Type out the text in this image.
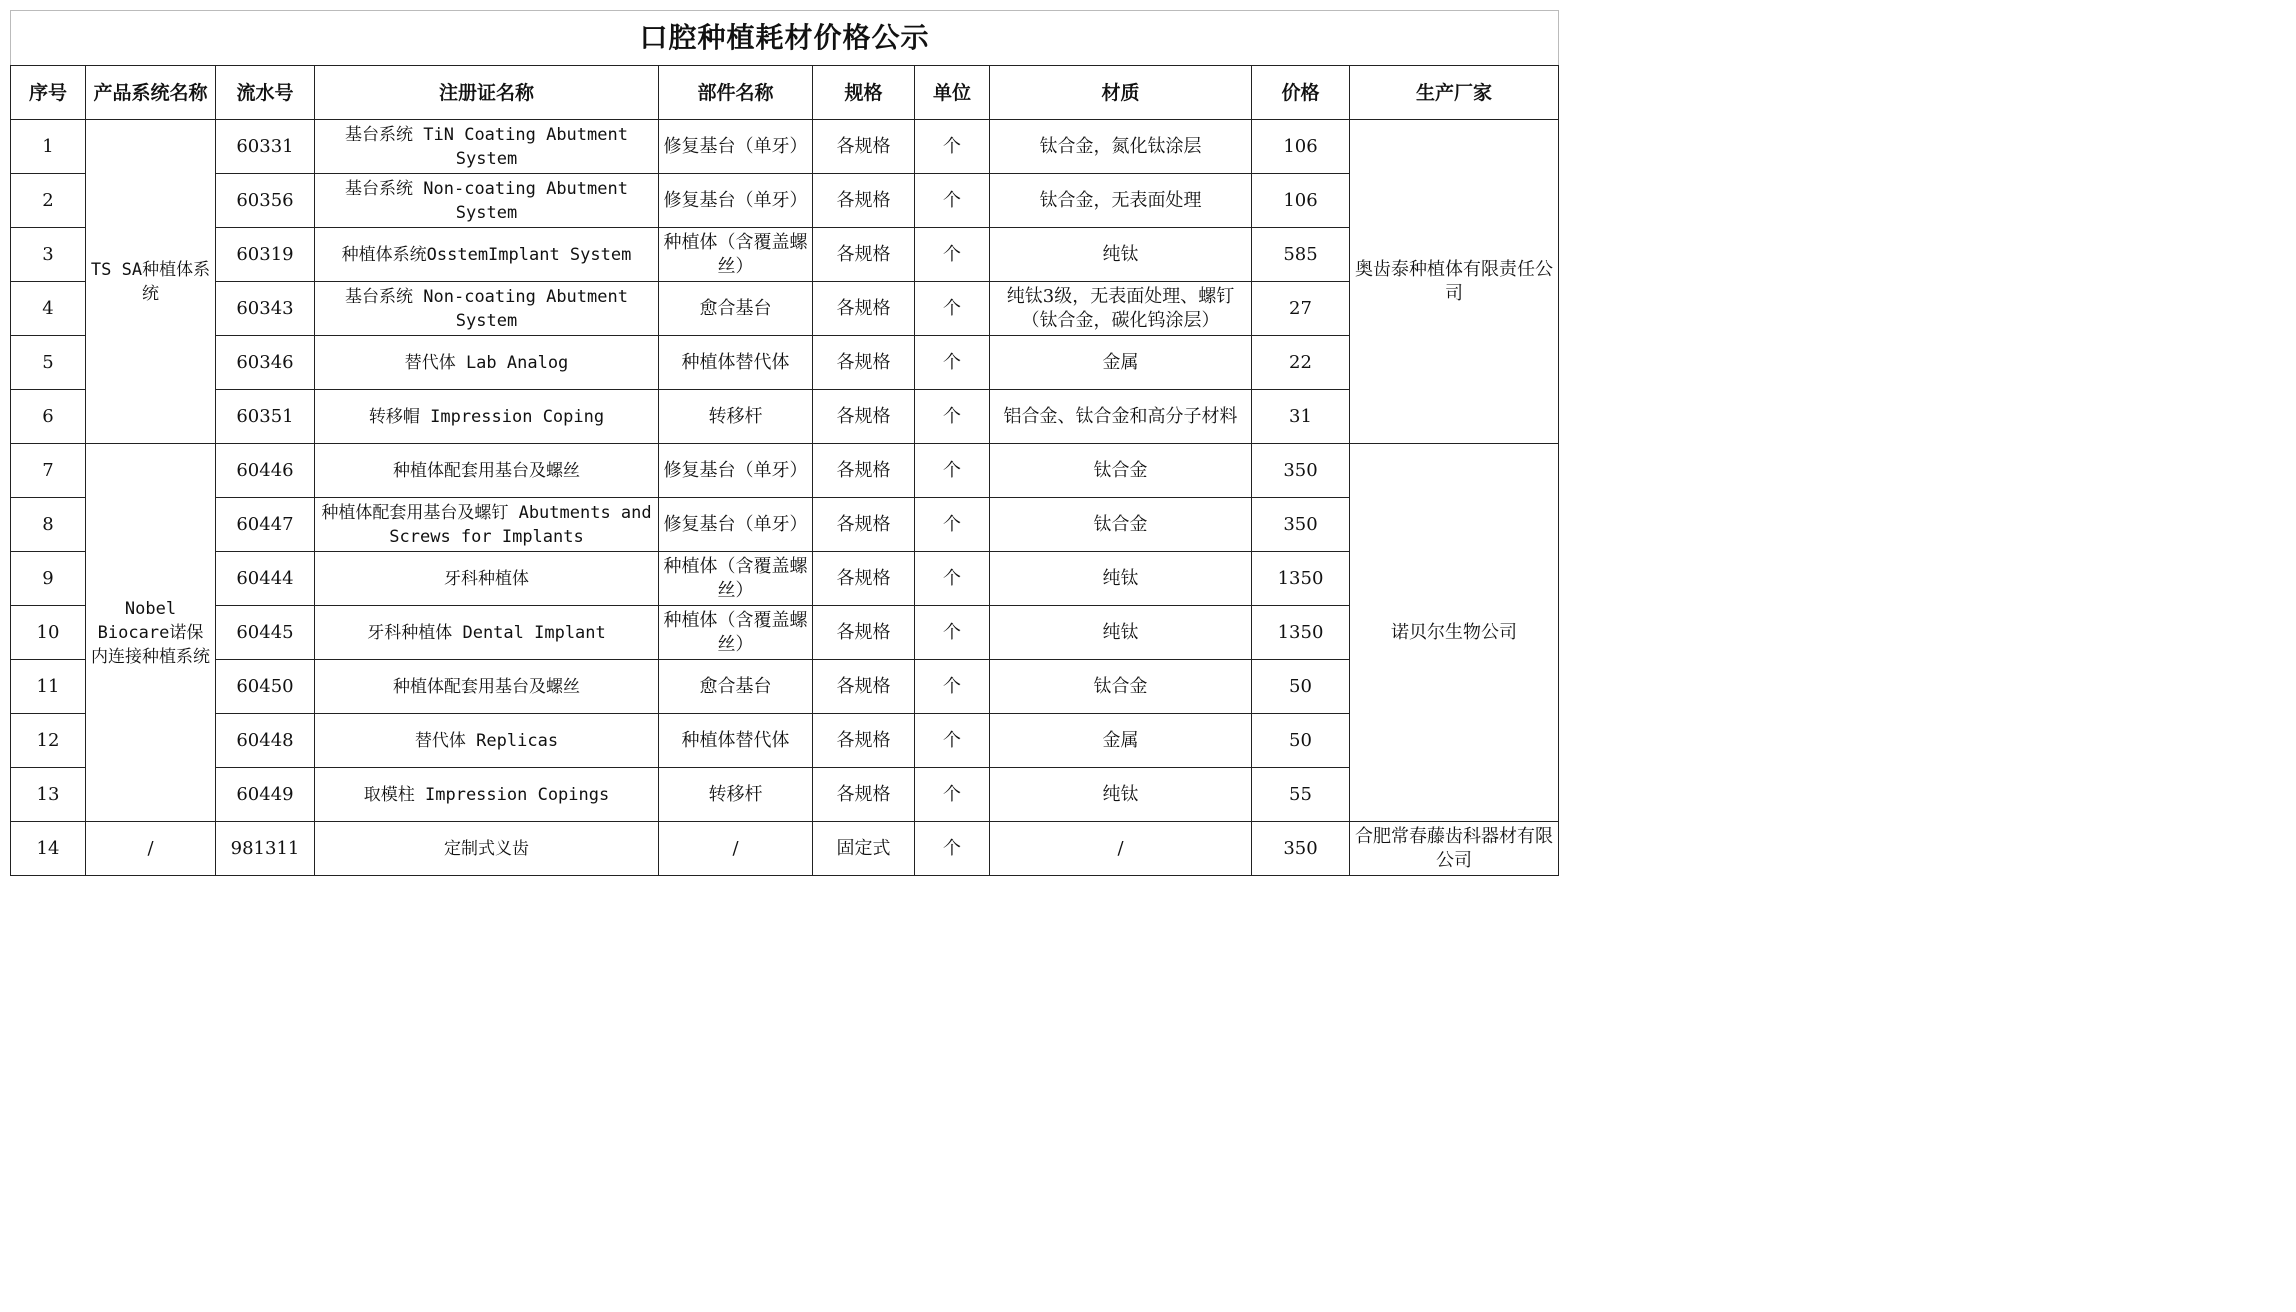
口腔种植耗材价格公示									
序号	产品系统名称	流水号	注册证名称	部件名称	规格	单位	材质	价格	生产厂家
1	TS SA种植体系统	60331	基台系统 TiN Coating Abutment System	修复基台（单牙）	各规格	个	钛合金，氮化钛涂层	106	奥齿泰种植体有限责任公司
2		60356	基台系统 Non-coating Abutment System	修复基台（单牙）	各规格	个	钛合金，无表面处理	106	
3		60319	种植体系统OsstemImplant System	种植体（含覆盖螺丝）	各规格	个	纯钛	585	
4		60343	基台系统 Non-coating Abutment System	愈合基台	各规格	个	纯钛3级，无表面处理、螺钉（钛合金，碳化钨涂层）	27	
5		60346	替代体 Lab Analog	种植体替代体	各规格	个	金属	22	
6		60351	转移帽 Impression Coping	转移杆	各规格	个	铝合金、钛合金和高分子材料	31	
7	Nobel Biocare诺保内连接种植系统	60446	种植体配套用基台及螺丝	修复基台（单牙）	各规格	个	钛合金	350	诺贝尔生物公司
8		60447	种植体配套用基台及螺钉 Abutments and Screws for Implants	修复基台（单牙）	各规格	个	钛合金	350	
9		60444	牙科种植体	种植体（含覆盖螺丝）	各规格	个	纯钛	1350	
10		60445	牙科种植体 Dental Implant	种植体（含覆盖螺丝）	各规格	个	纯钛	1350	
11		60450	种植体配套用基台及螺丝	愈合基台	各规格	个	钛合金	50	
12		60448	替代体 Replicas	种植体替代体	各规格	个	金属	50	
13		60449	取模柱 Impression Copings	转移杆	各规格	个	纯钛	55	
14	/	981311	定制式义齿	/	固定式	个	/	350	合肥常春藤齿科器材有限公司
